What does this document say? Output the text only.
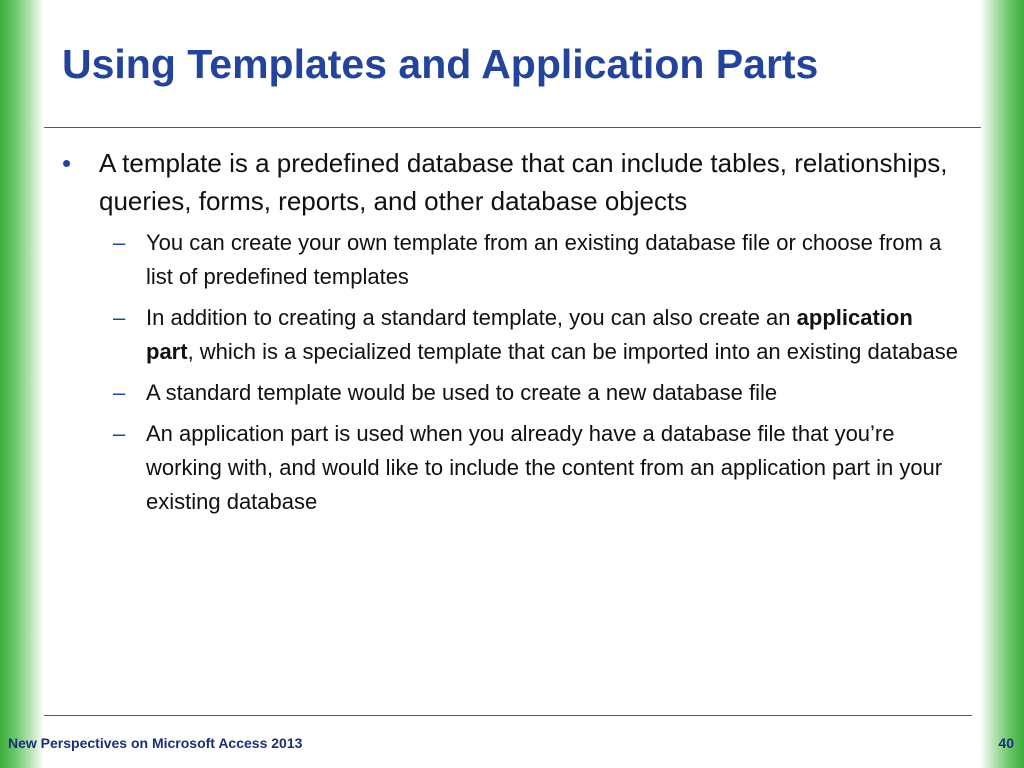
Using Templates and Application Parts
• A template is a predefined database that can include tables, relationships, queries, forms, reports, and other database objects
– You can create your own template from an existing database file or choose from a list of predefined templates
– In addition to creating a standard template, you can also create an application part, which is a specialized template that can be imported into an existing database
– A standard template would be used to create a new database file
– An application part is used when you already have a database file that you’re working with, and would like to include the content from an application part in your existing database
New Perspectives on Microsoft Access 2013	40
